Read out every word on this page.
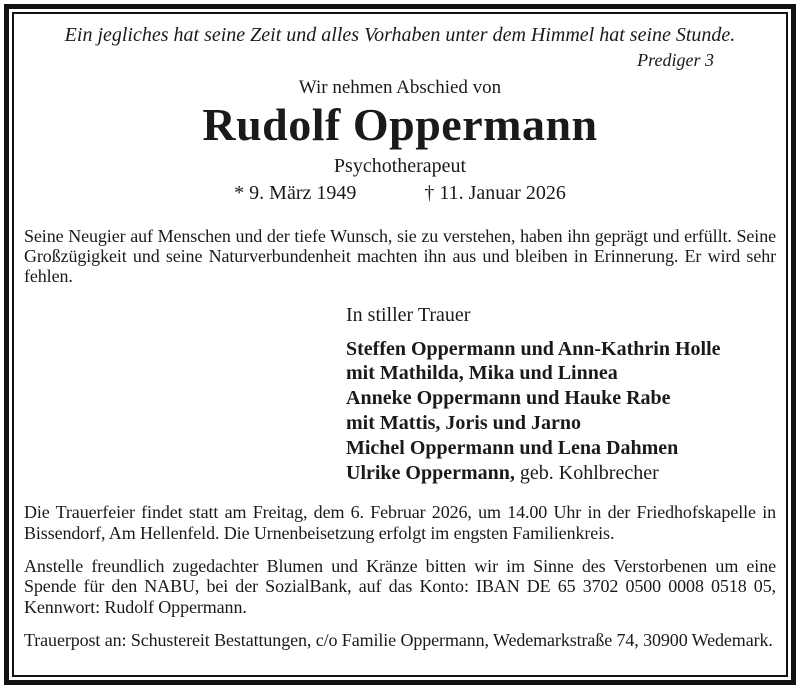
Ein jegliches hat seine Zeit und alles Vorhaben unter dem Himmel hat seine Stunde.
Prediger 3
Wir nehmen Abschied von
Rudolf Oppermann
Psychotherapeut
* 9. März 1949	† 11. Januar 2026
Seine Neugier auf Menschen und der tiefe Wunsch, sie zu verstehen, haben ihn geprägt und erfüllt. Seine Großzügigkeit und seine Naturverbundenheit machten ihn aus und bleiben in Erinnerung. Er wird sehr fehlen.
In stiller Trauer
Steffen Oppermann und Ann-Kathrin Holle
mit Mathilda, Mika und Linnea
Anneke Oppermann und Hauke Rabe
mit Mattis, Joris und Jarno
Michel Oppermann und Lena Dahmen
Ulrike Oppermann, geb. Kohlbrecher
Die Trauerfeier findet statt am Freitag, dem 6. Februar 2026, um 14.00 Uhr in der Friedhofskapelle in Bissendorf, Am Hellenfeld. Die Urnenbeisetzung erfolgt im engsten Familienkreis.
Anstelle freundlich zugedachter Blumen und Kränze bitten wir im Sinne des Verstorbenen um eine Spende für den NABU, bei der SozialBank, auf das Konto: IBAN DE 65 3702 0500 0008 0518 05, Kennwort: Rudolf Oppermann.
Trauerpost an: Schustereit Bestattungen, c/o Familie Oppermann, Wedemarkstraße 74, 30900 Wedemark.
